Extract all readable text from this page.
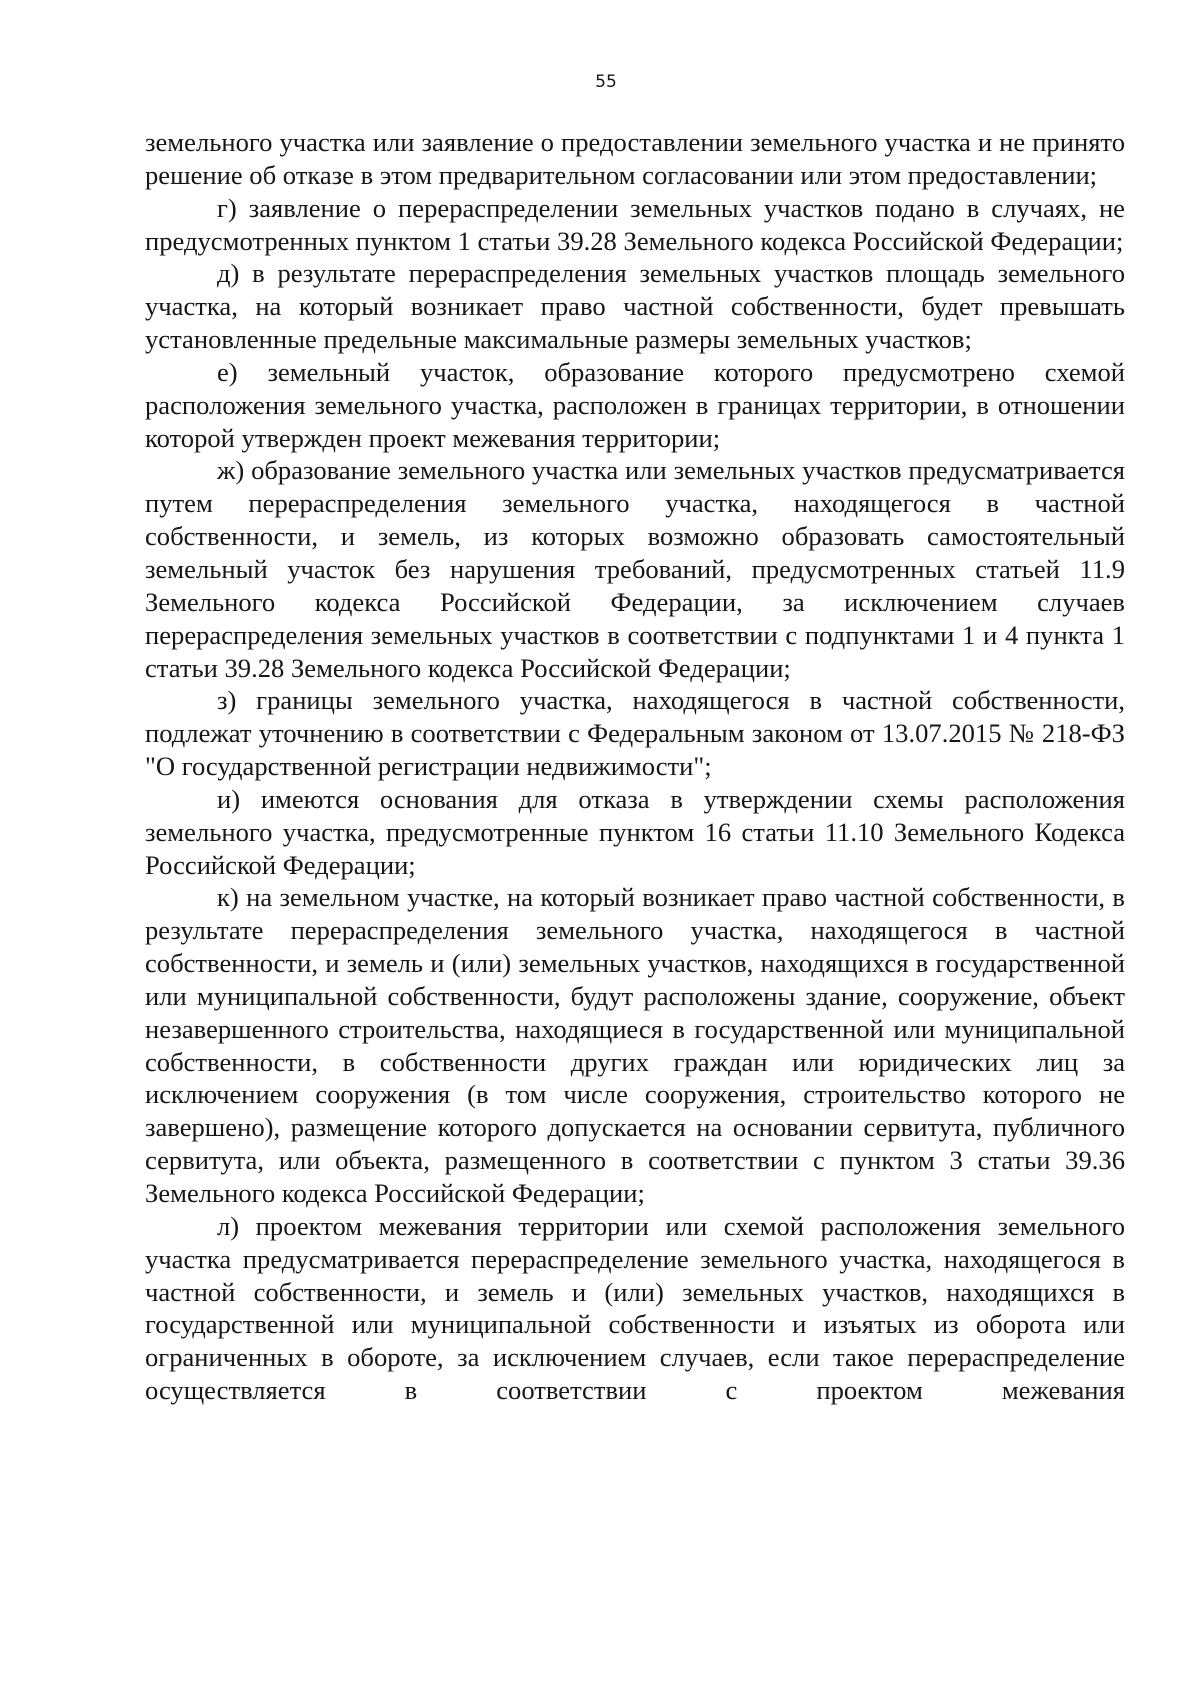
55

земельного участка или заявление о предоставлении земельного участка и не принято решение об отказе в этом предварительном согласовании или этом предоставлении;

г) заявление о перераспределении земельных участков подано в случаях, не предусмотренных пунктом 1 статьи 39.28 Земельного кодекса Российской Федерации;

д) в результате перераспределения земельных участков площадь земельного участка, на который возникает право частной собственности, будет превышать установленные предельные максимальные размеры земельных участков;

е) земельный участок, образование которого предусмотрено схемой расположения земельного участка, расположен в границах территории, в отношении которой утвержден проект межевания территории;

ж) образование земельного участка или земельных участков предусматривается путем перераспределения земельного участка, находящегося в частной собственности, и земель, из которых возможно образовать самостоятельный земельный участок без нарушения требований, предусмотренных статьей 11.9 Земельного кодекса Российской Федерации, за исключением случаев перераспределения земельных участков в соответствии с подпунктами 1 и 4 пункта 1 статьи 39.28 Земельного кодекса Российской Федерации;

з) границы земельного участка, находящегося в частной собственности, подлежат уточнению в соответствии с Федеральным законом от 13.07.2015 № 218-ФЗ "О государственной регистрации недвижимости";

и) имеются основания для отказа в утверждении схемы расположения земельного участка, предусмотренные пунктом 16 статьи 11.10 Земельного Кодекса Российской Федерации;

к) на земельном участке, на который возникает право частной собственности, в результате перераспределения земельного участка, находящегося в частной собственности, и земель и (или) земельных участков, находящихся в государственной или муниципальной собственности, будут расположены здание, сооружение, объект незавершенного строительства, находящиеся в государственной или муниципальной собственности, в собственности других граждан или юридических лиц за исключением сооружения (в том числе сооружения, строительство которого не завершено), размещение которого допускается на основании сервитута, публичного сервитута, или объекта, размещенного в соответствии с пунктом 3 статьи 39.36 Земельного кодекса Российской Федерации;

л) проектом межевания территории или схемой расположения земельного участка предусматривается перераспределение земельного участка, находящегося в частной собственности, и земель и (или) земельных участков, находящихся в государственной или муниципальной собственности и изъятых из оборота или ограниченных в обороте, за исключением случаев, если такое перераспределение осуществляется в соответствии с проектом межевания
